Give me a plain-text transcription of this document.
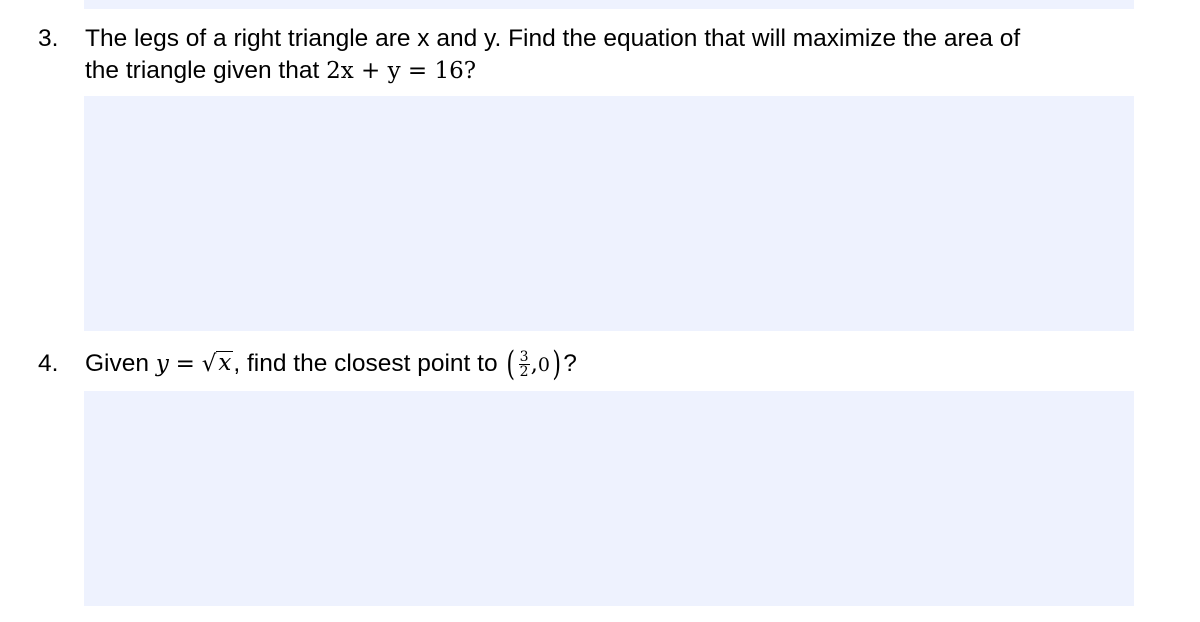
3. The legs of a right triangle are x and y. Find the equation that will maximize the area of
the triangle given that 2x + y = 16?
4. Given y = √x, find the closest point to ( $\frac{3}{2} ,0$)?
